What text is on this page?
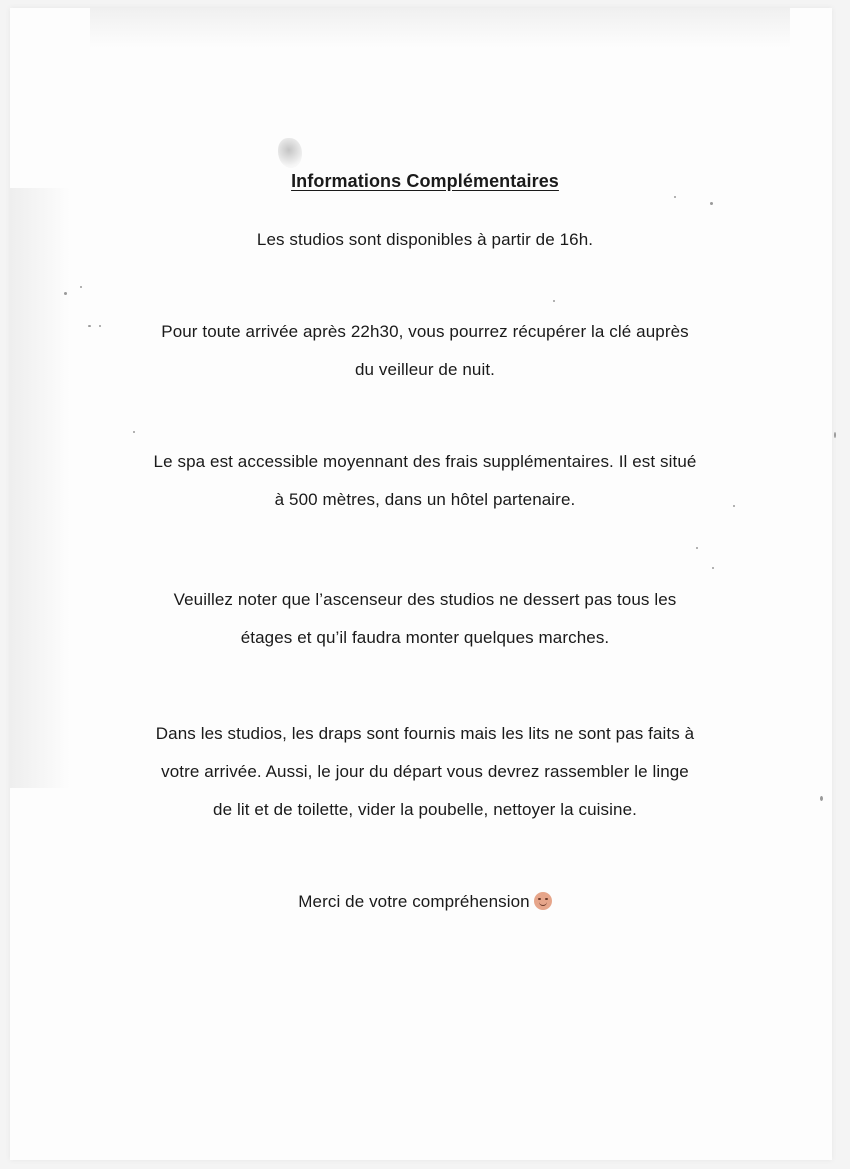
Informations Complémentaires
Les studios sont disponibles à partir de 16h.
Pour toute arrivée après 22h30, vous pourrez récupérer la clé auprès
du veilleur de nuit.
Le spa est accessible moyennant des frais supplémentaires. Il est situé
à 500 mètres, dans un hôtel partenaire.
Veuillez noter que l’ascenseur des studios ne dessert pas tous les
étages et qu’il faudra monter quelques marches.
Dans les studios, les draps sont fournis mais les lits ne sont pas faits à
votre arrivée. Aussi, le jour du départ vous devrez rassembler le linge
de lit et de toilette, vider la poubelle, nettoyer la cuisine.
Merci de votre compréhension
